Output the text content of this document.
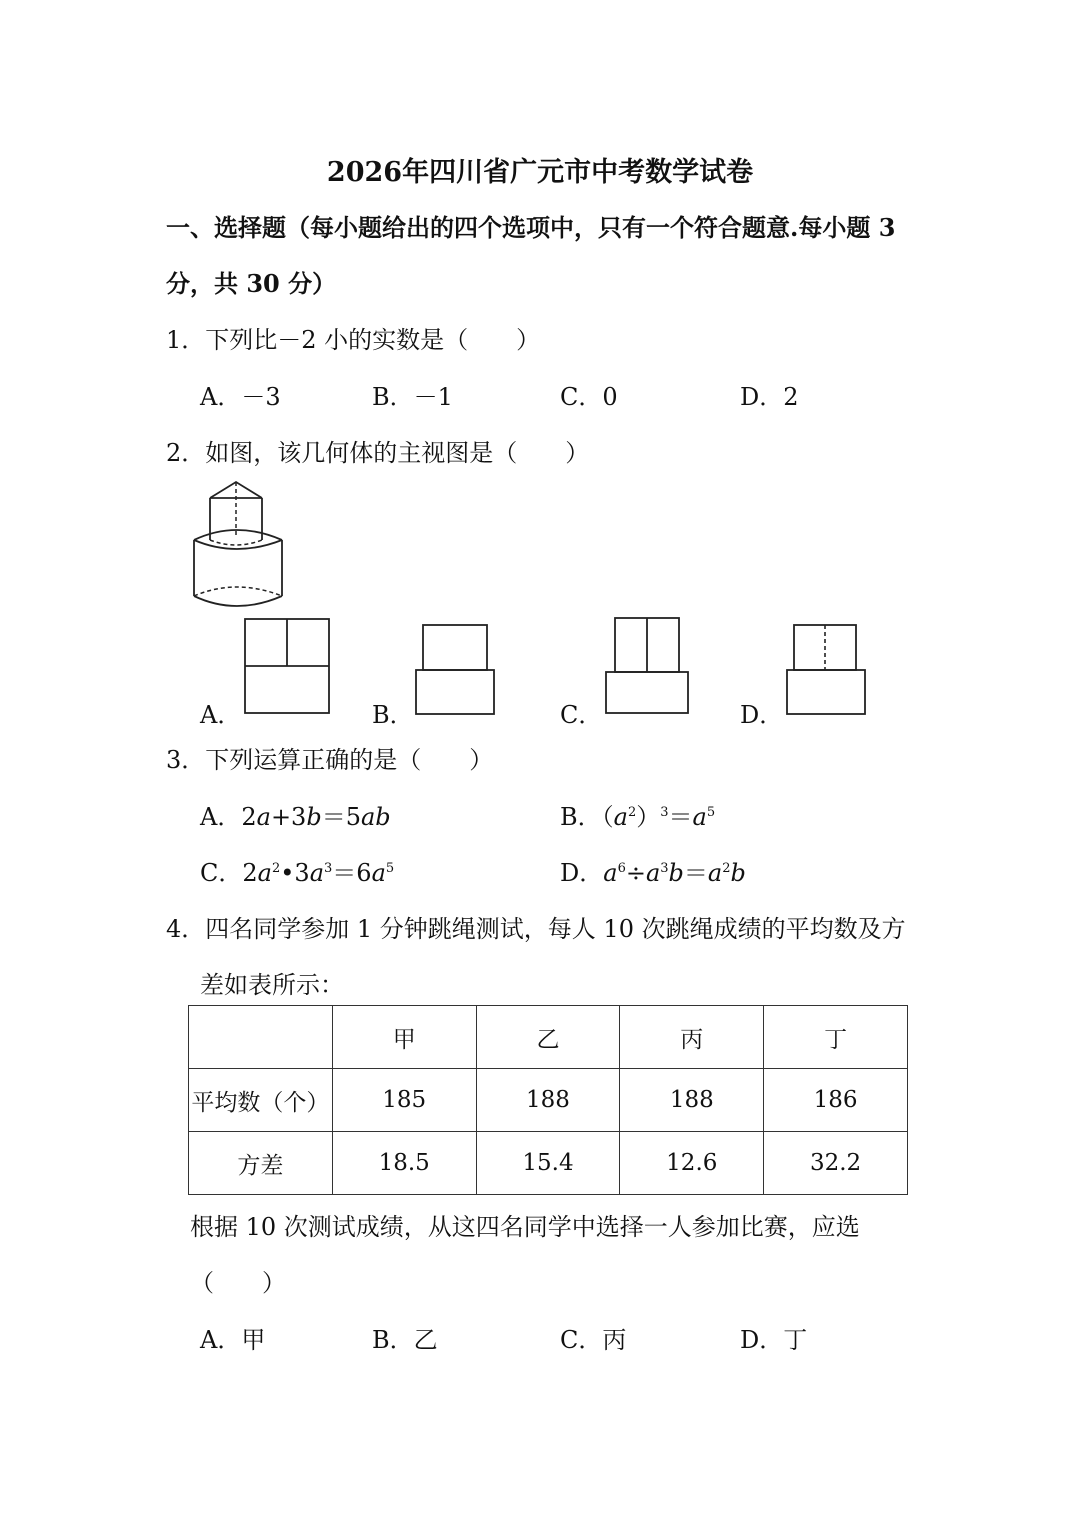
2026年四川省广元市中考数学试卷
一、选择题（每小题给出的四个选项中，只有一个符合题意.每小题 3
分，共 30 分）
1．下列比－2 小的实数是（　　）
A．－3	B．－1	C．0	D．2
2．如图，该几何体的主视图是（　　）
A．	B．	C．	D．
3．下列运算正确的是（　　）
A．2a+3b＝5ab	B．$(a^2)^3=a^5$
C．$2a^2•3a^3=6a^5$	D．$a^6\div a^3b=a^2b$
4．四名同学参加 1 分钟跳绳测试，每人 10 次跳绳成绩的平均数及方
差如表所示：
	甲	乙	丙	丁
平均数（个）	185	188	188	186
方差	18.5	15.4	12.6	32.2
根据 10 次测试成绩，从这四名同学中选择一人参加比赛，应选
（　　）
A．甲	B．乙	C．丙	D．丁
